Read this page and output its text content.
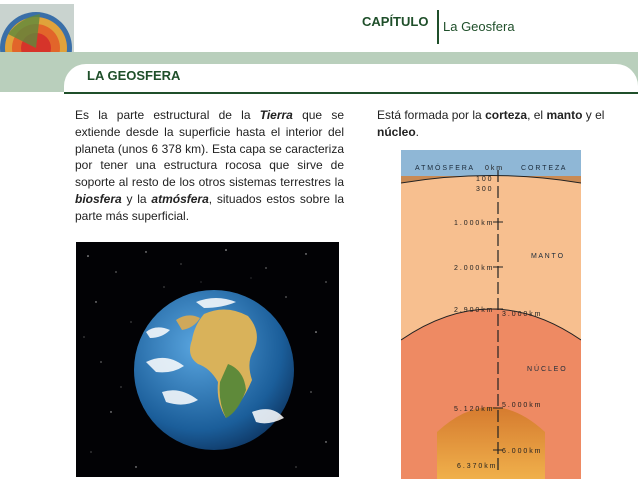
CAPÍTULO La Geosfera
LA GEOSFERA
Es la parte estructural de la Tierra que se extiende desde la superficie hasta el interior del planeta (unos 6 378 km). Esta capa se caracteriza por tener una estructura rocosa que sirve de soporte al resto de los otros sistemas terrestres la biosfera y la atmósfera, situados estos sobre la parte más superficial.
Está formada por la corteza, el manto y el núcleo.
A T M Ó S F E R A 0 k m	C O R T E Z A
1 0 0
3 0 0
1 . 0 0 0 k m
M A N T O
2 . 0 0 0 k m
2 . 9 0 0 k m
3 . 0 0 0 k m
N Ú C L E O
5 . 1 2 0 k m
5 . 0 0 0 k m
6 . 0 0 0 k m
6 . 3 7 0 k m
